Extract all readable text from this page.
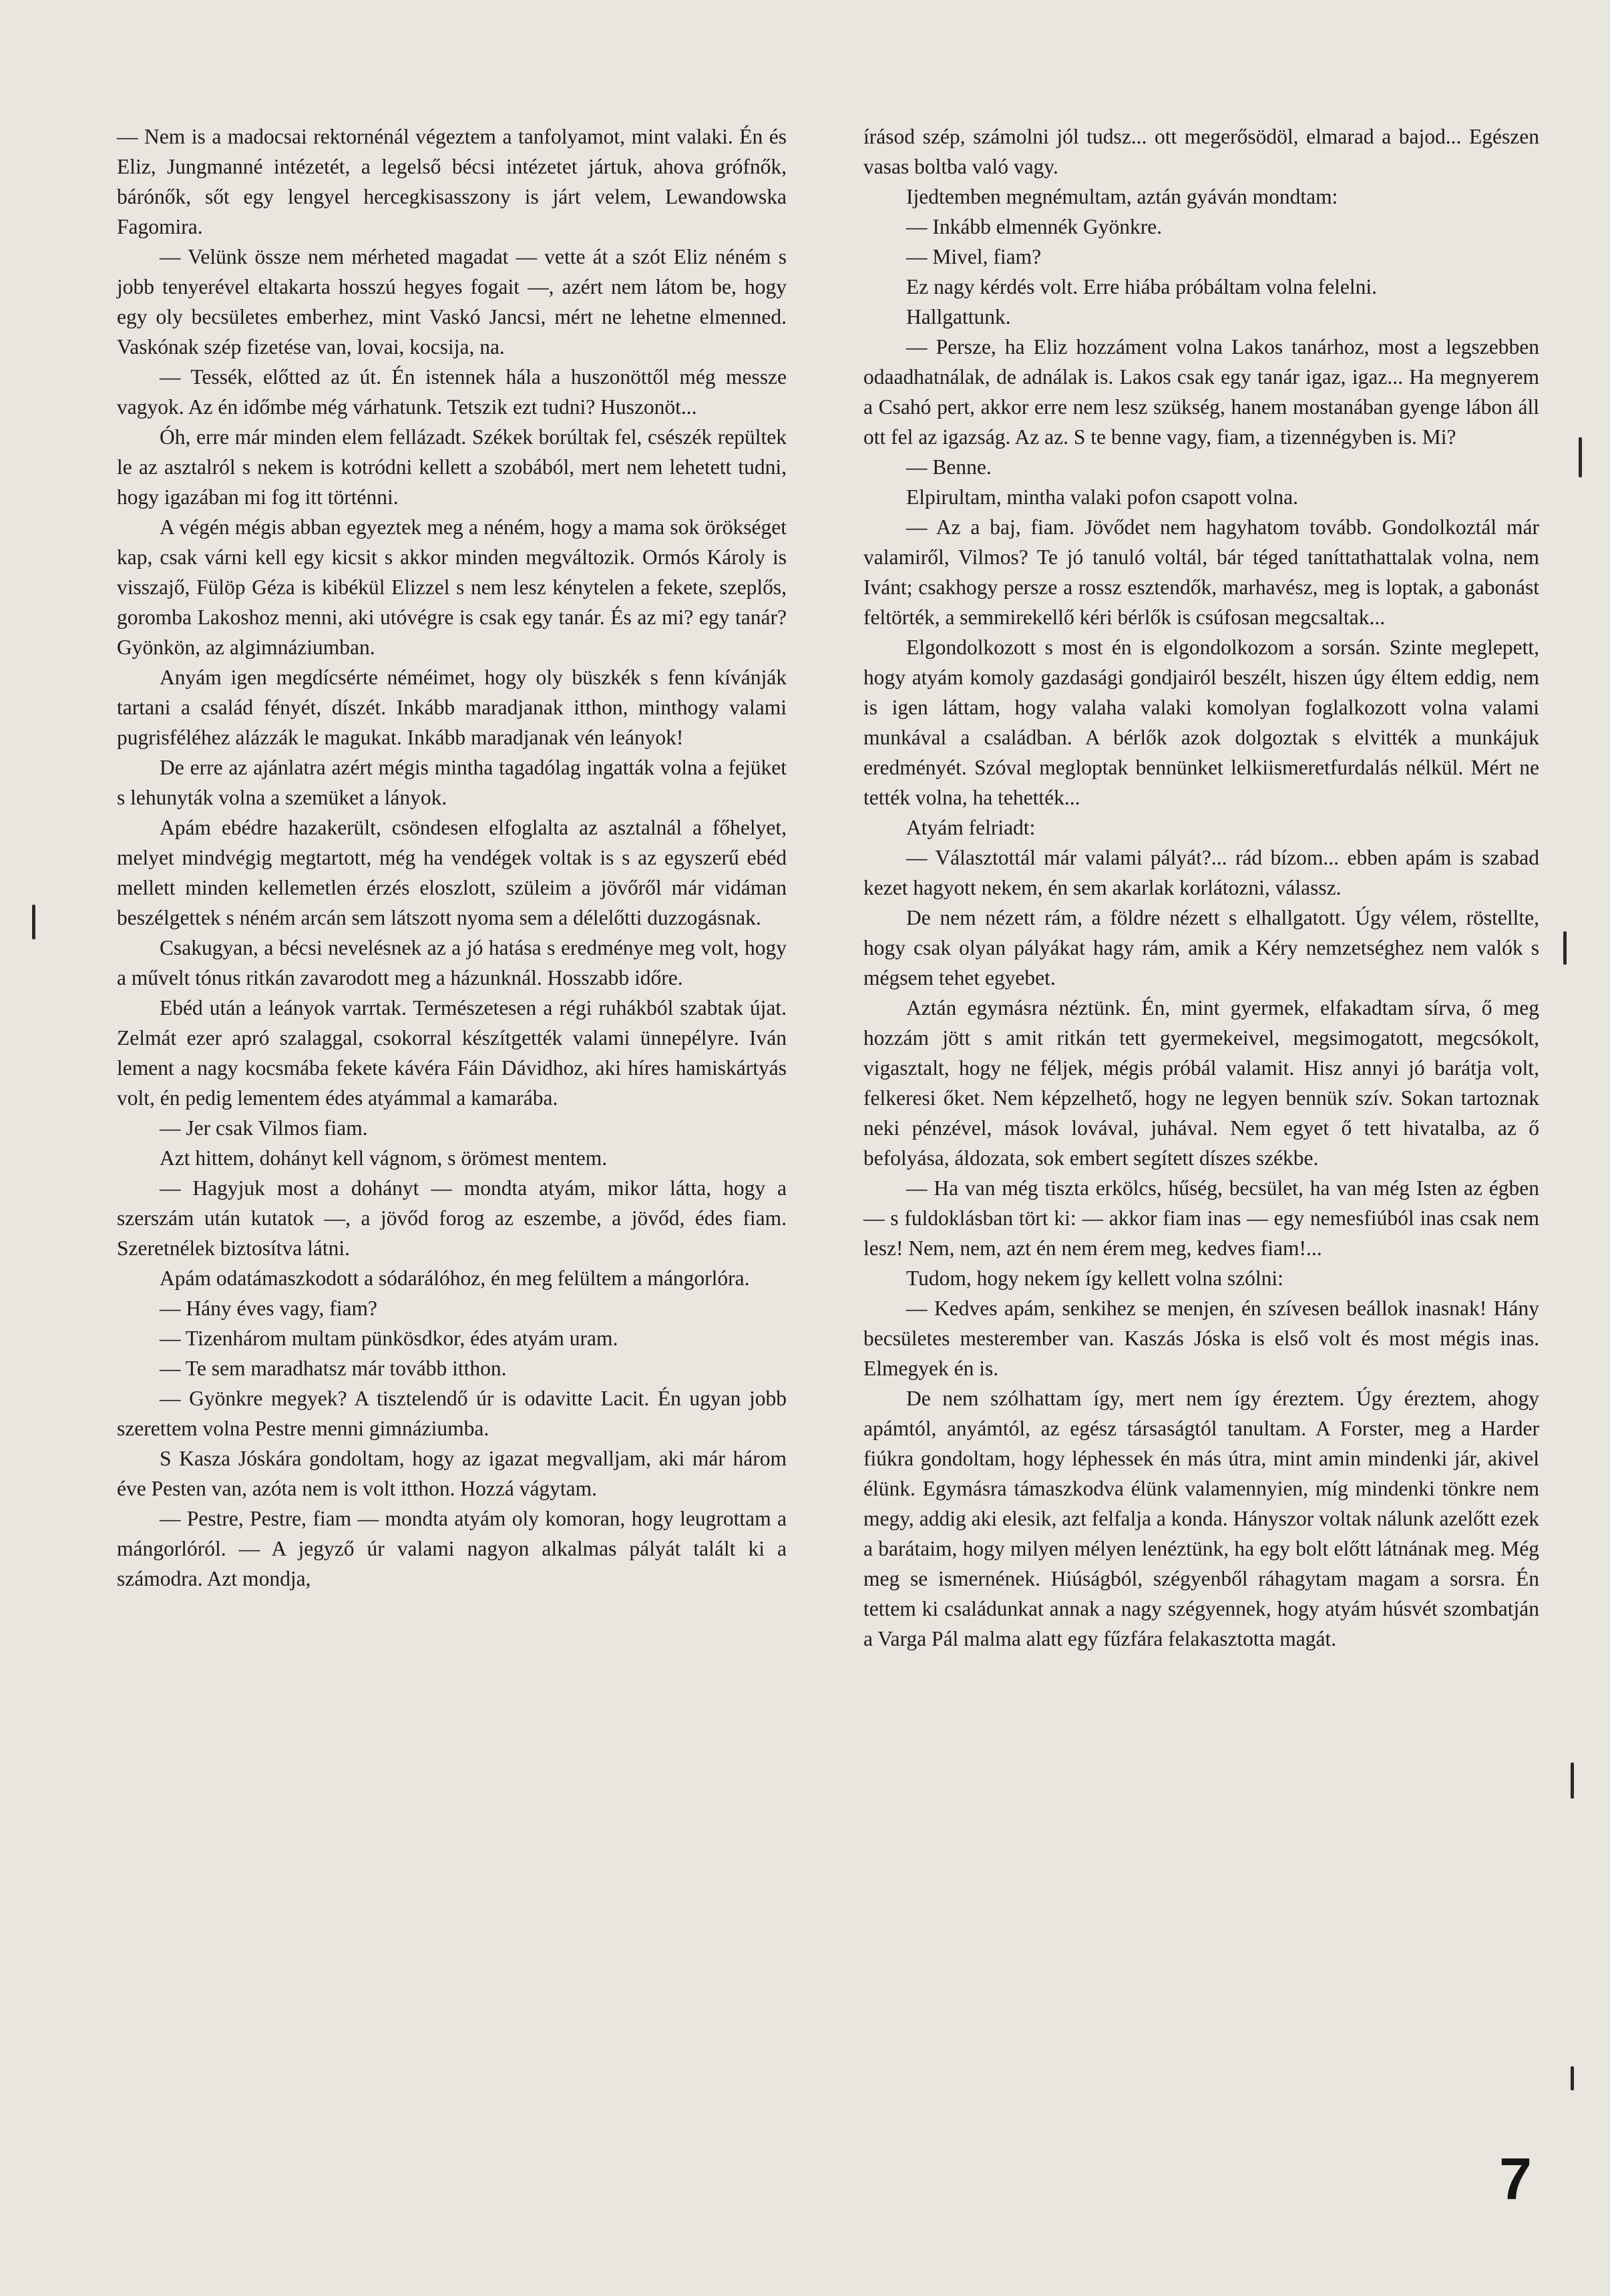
— Nem is a madocsai rektornénál végeztem a tanfolyamot, mint valaki. Én és Eliz, Jungmanné intézetét, a legelső bécsi intézetet jártuk, ahova grófnők, bárónők, sőt egy lengyel hercegkisasszony is járt velem, Lewandowska Fagomira.

— Velünk össze nem mérheted magadat — vette át a szót Eliz néném s jobb tenyerével eltakarta hosszú hegyes fogait —, azért nem látom be, hogy egy oly becsületes emberhez, mint Vaskó Jancsi, mért ne lehetne elmenned. Vaskónak szép fizetése van, lovai, kocsija, na.

— Tessék, előtted az út. Én istennek hála a huszonöttől még messze vagyok. Az én időmbe még várhatunk. Tetszik ezt tudni? Huszonöt...

Óh, erre már minden elem fellázadt. Székek borúltak fel, csészék repültek le az asztalról s nekem is kotródni kellett a szobából, mert nem lehetett tudni, hogy igazában mi fog itt történni.

A végén mégis abban egyeztek meg a néném, hogy a mama sok örökséget kap, csak várni kell egy kicsit s akkor minden megváltozik. Ormós Károly is visszajő, Fülöp Géza is kibékül Elizzel s nem lesz kénytelen a fekete, szeplős, goromba Lakoshoz menni, aki utóvégre is csak egy tanár. És az mi? egy tanár? Gyönkön, az algimnáziumban.

Anyám igen megdícsérte néméimet, hogy oly büszkék s fenn kívánják tartani a család fényét, díszét. Inkább maradjanak itthon, minthogy valami pugrisféléhez alázzák le magukat. Inkább maradjanak vén leányok!

De erre az ajánlatra azért mégis mintha tagadólag ingatták volna a fejüket s lehunyták volna a szemüket a lányok.

Apám ebédre hazakerült, csöndesen elfoglalta az asztalnál a főhelyet, melyet mindvégig megtartott, még ha vendégek voltak is s az egyszerű ebéd mellett minden kellemetlen érzés eloszlott, szüleim a jövőről már vidáman beszélgettek s néném arcán sem látszott nyoma sem a délelőtti duzzogásnak.

Csakugyan, a bécsi nevelésnek az a jó hatása s eredménye meg volt, hogy a művelt tónus ritkán zavarodott meg a házunknál. Hosszabb időre.

Ebéd után a leányok varrtak. Természetesen a régi ruhákból szabtak újat. Zelmát ezer apró szalaggal, csokorral készítgették valami ünnepélyre. Iván lement a nagy kocsmába fekete kávéra Fáin Dávidhoz, aki híres hamiskártyás volt, én pedig lementem édes atyámmal a kamarába.

— Jer csak Vilmos fiam.

Azt hittem, dohányt kell vágnom, s örömest mentem.

— Hagyjuk most a dohányt — mondta atyám, mikor látta, hogy a szerszám után kutatok —, a jövőd forog az eszembe, a jövőd, édes fiam. Szeretnélek biztosítva látni.

Apám odatámaszkodott a sódarálóhoz, én meg felültem a mángorlóra.

— Hány éves vagy, fiam?

— Tizenhárom multam pünkösdkor, édes atyám uram.

— Te sem maradhatsz már tovább itthon.

— Gyönkre megyek? A tisztelendő úr is odavitte Lacit. Én ugyan jobb szerettem volna Pestre menni gimnáziumba.

S Kasza Jóskára gondoltam, hogy az igazat megvalljam, aki már három éve Pesten van, azóta nem is volt itthon. Hozzá vágytam.

— Pestre, Pestre, fiam — mondta atyám oly komoran, hogy leugrottam a mángorlóról. — A jegyző úr valami nagyon alkalmas pályát talált ki a számodra. Azt mondja,

írásod szép, számolni jól tudsz... ott megerősödöl, elmarad a bajod... Egészen vasas boltba való vagy.

Ijedtemben megnémultam, aztán gyáván mondtam:

— Inkább elmennék Gyönkre.

— Mivel, fiam?

Ez nagy kérdés volt. Erre hiába próbáltam volna felelni.

Hallgattunk.

— Persze, ha Eliz hozzáment volna Lakos tanárhoz, most a legszebben odaadhatnálak, de adnálak is. Lakos csak egy tanár igaz, igaz... Ha megnyerem a Csahó pert, akkor erre nem lesz szükség, hanem mostanában gyenge lábon áll ott fel az igazság. Az az. S te benne vagy, fiam, a tizennégyben is. Mi?

— Benne.

Elpirultam, mintha valaki pofon csapott volna.

— Az a baj, fiam. Jövődet nem hagyhatom tovább. Gondolkoztál már valamiről, Vilmos? Te jó tanuló voltál, bár téged taníttathattalak volna, nem Ivánt; csakhogy persze a rossz esztendők, marhavész, meg is loptak, a gabonást feltörték, a semmirekellő kéri bérlők is csúfosan megcsaltak...

Elgondolkozott s most én is elgondolkozom a sorsán. Szinte meglepett, hogy atyám komoly gazdasági gondjairól beszélt, hiszen úgy éltem eddig, nem is igen láttam, hogy valaha valaki komolyan foglalkozott volna valami munkával a családban. A bérlők azok dolgoztak s elvitték a munkájuk eredményét. Szóval megloptak bennünket lelkiismeretfurdalás nélkül. Mért ne tették volna, ha tehették...

Atyám felriadt:

— Választottál már valami pályát?... rád bízom... ebben apám is szabad kezet hagyott nekem, én sem akarlak korlátozni, válassz.

De nem nézett rám, a földre nézett s elhallgatott. Úgy vélem, röstellte, hogy csak olyan pályákat hagy rám, amik a Kéry nemzetséghez nem valók s mégsem tehet egyebet.

Aztán egymásra néztünk. Én, mint gyermek, elfakadtam sírva, ő meg hozzám jött s amit ritkán tett gyermekeivel, megsimogatott, megcsókolt, vigasztalt, hogy ne féljek, mégis próbál valamit. Hisz annyi jó barátja volt, felkeresi őket. Nem képzelhető, hogy ne legyen bennük szív. Sokan tartoznak neki pénzével, mások lovával, juhával. Nem egyet ő tett hivatalba, az ő befolyása, áldozata, sok embert segített díszes székbe.

— Ha van még tiszta erkölcs, hűség, becsület, ha van még Isten az égben — s fuldoklásban tört ki: — akkor fiam inas — egy nemesfiúból inas csak nem lesz! Nem, nem, azt én nem érem meg, kedves fiam!...

Tudom, hogy nekem így kellett volna szólni:

— Kedves apám, senkihez se menjen, én szívesen beállok inasnak! Hány becsületes mesterember van. Kaszás Jóska is első volt és most mégis inas. Elmegyek én is.

De nem szólhattam így, mert nem így éreztem. Úgy éreztem, ahogy apámtól, anyámtól, az egész társaságtól tanultam. A Forster, meg a Harder fiúkra gondoltam, hogy léphessek én más útra, mint amin mindenki jár, akivel élünk. Egymásra támaszkodva élünk valamennyien, míg mindenki tönkre nem megy, addig aki elesik, azt felfalja a konda. Hányszor voltak nálunk azelőtt ezek a barátaim, hogy milyen mélyen lenéztünk, ha egy bolt előtt látnának meg. Még meg se ismernének. Hiúságból, szégyenből ráhagytam magam a sorsra. Én tettem ki családunkat annak a nagy szégyennek, hogy atyám húsvét szombatján a Varga Pál malma alatt egy fűzfára felakasztotta magát.

7
